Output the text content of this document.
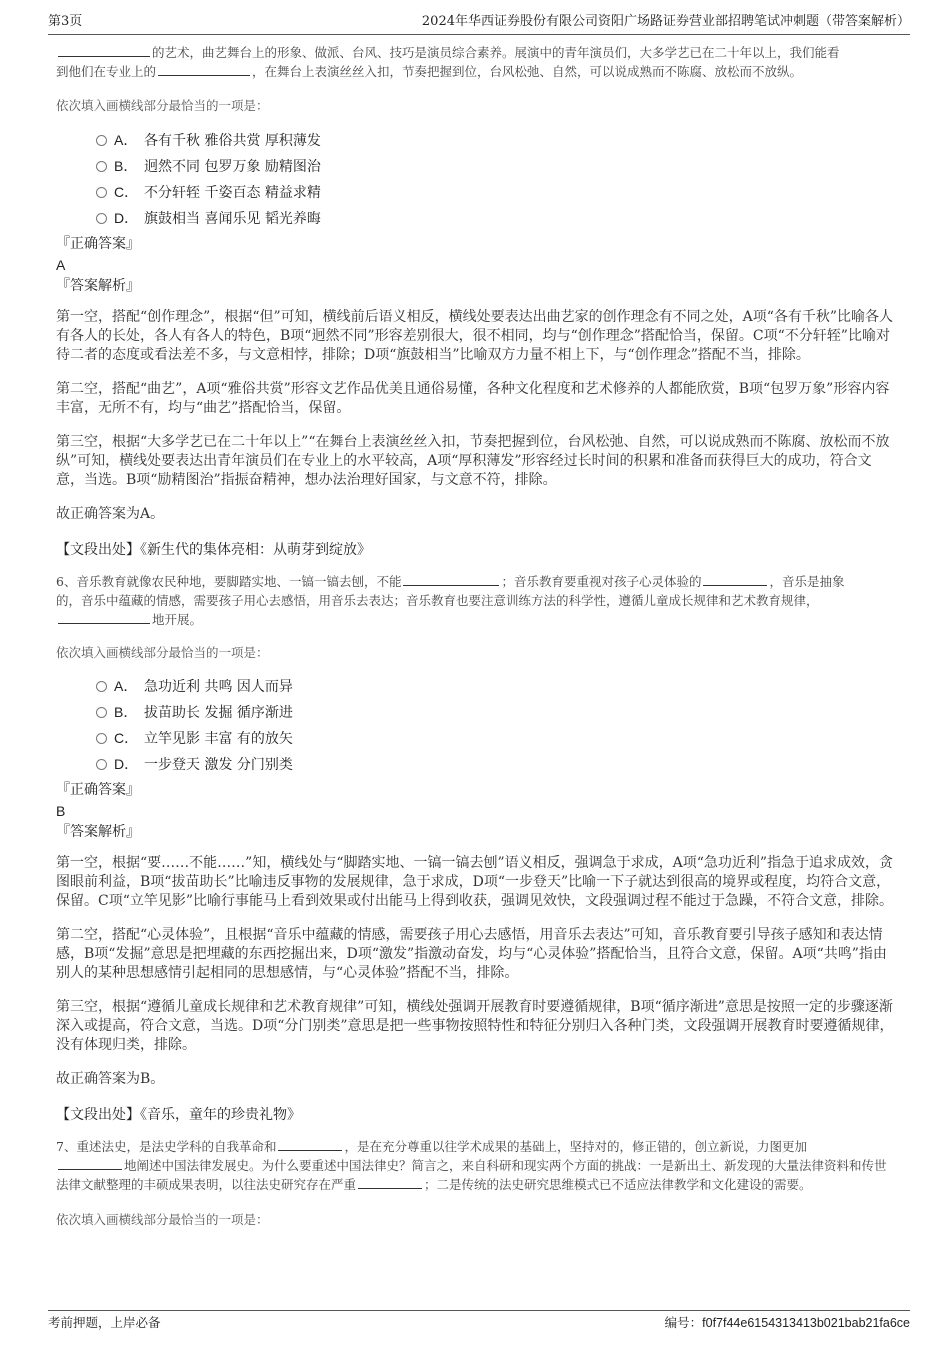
第3页	2024年华西证券股份有限公司资阳广场路证券营业部招聘笔试冲刺题（带答案解析）

的艺术，曲艺舞台上的形象、做派、台风、技巧是演员综合素养。展演中的青年演员们，大多学艺已在二十年以上，我们能看
到他们在专业上的	，在舞台上表演丝丝入扣，节奏把握到位，台风松弛、自然，可以说成熟而不陈腐、放松而不放纵。

依次填入画横线部分最恰当的一项是：

A． 各有千秋 雅俗共赏 厚积薄发
B． 迥然不同 包罗万象 励精图治
C． 不分轩轾 千姿百态 精益求精
D． 旗鼓相当 喜闻乐见 韬光养晦

『正确答案』

A

『答案解析』

第一空，搭配“创作理念”，根据“但”可知，横线前后语义相反，横线处要表达出曲艺家的创作理念有不同之处，A项“各有千秋”比喻各人有各人的长处，各人有各人的特色，B项“迥然不同”形容差别很大，很不相同，均与“创作理念”搭配恰当，保留。C项“不分轩轾”比喻对待二者的态度或看法差不多，与文意相悖，排除；D项“旗鼓相当”比喻双方力量不相上下，与“创作理念”搭配不当，排除。

第二空，搭配“曲艺”，A项“雅俗共赏”形容文艺作品优美且通俗易懂，各种文化程度和艺术修养的人都能欣赏，B项“包罗万象”形容内容丰富，无所不有，均与“曲艺”搭配恰当，保留。

第三空，根据“大多学艺已在二十年以上”“在舞台上表演丝丝入扣，节奏把握到位，台风松弛、自然，可以说成熟而不陈腐、放松而不放纵”可知，横线处要表达出青年演员们在专业上的水平较高，A项“厚积薄发”形容经过长时间的积累和准备而获得巨大的成功，符合文意，当选。B项“励精图治”指振奋精神，想办法治理好国家，与文意不符，排除。

故正确答案为A。

【文段出处】《新生代的集体亮相：从萌芽到绽放》

6、音乐教育就像农民种地，要脚踏实地、一镐一镐去刨，不能	；音乐教育要重视对孩子心灵体验的	，音乐是抽象
的，音乐中蕴藏的情感，需要孩子用心去感悟，用音乐去表达；音乐教育也要注意训练方法的科学性，遵循儿童成长规律和艺术教育规律，
地开展。

依次填入画横线部分最恰当的一项是：

A． 急功近利 共鸣 因人而异
B． 拔苗助长 发掘 循序渐进
C． 立竿见影 丰富 有的放矢
D． 一步登天 激发 分门别类

『正确答案』

B

『答案解析』

第一空，根据“要……不能……”知，横线处与“脚踏实地、一镐一镐去刨”语义相反，强调急于求成，A项“急功近利”指急于追求成效，贪图眼前利益，B项“拔苗助长”比喻违反事物的发展规律，急于求成，D项“一步登天”比喻一下子就达到很高的境界或程度，均符合文意，保留。C项“立竿见影”比喻行事能马上看到效果或付出能马上得到收获，强调见效快，文段强调过程不能过于急躁，不符合文意，排除。

第二空，搭配“心灵体验”，且根据“音乐中蕴藏的情感，需要孩子用心去感悟，用音乐去表达”可知，音乐教育要引导孩子感知和表达情感，B项“发掘”意思是把埋藏的东西挖掘出来，D项“激发”指激动奋发，均与“心灵体验”搭配恰当，且符合文意，保留。A项“共鸣”指由别人的某种思想感情引起相同的思想感情，与“心灵体验”搭配不当，排除。

第三空，根据“遵循儿童成长规律和艺术教育规律”可知，横线处强调开展教育时要遵循规律，B项“循序渐进”意思是按照一定的步骤逐渐深入或提高，符合文意，当选。D项“分门别类”意思是把一些事物按照特性和特征分别归入各种门类，文段强调开展教育时要遵循规律，没有体现归类，排除。

故正确答案为B。

【文段出处】《音乐，童年的珍贵礼物》

7、重述法史，是法史学科的自我革命和	，是在充分尊重以往学术成果的基础上，坚持对的，修正错的，创立新说，力图更加
地阐述中国法律发展史。为什么要重述中国法律史？简言之，来自科研和现实两个方面的挑战：一是新出土、新发现的大量法律资料和传世法律文献整理的丰硕成果表明，以往法史研究存在严重	；二是传统的法史研究思维模式已不适应法律教学和文化建设的需要。

依次填入画横线部分最恰当的一项是：

考前押题，上岸必备	编号：f0f7f44e6154313413b021bab21fa6ce
